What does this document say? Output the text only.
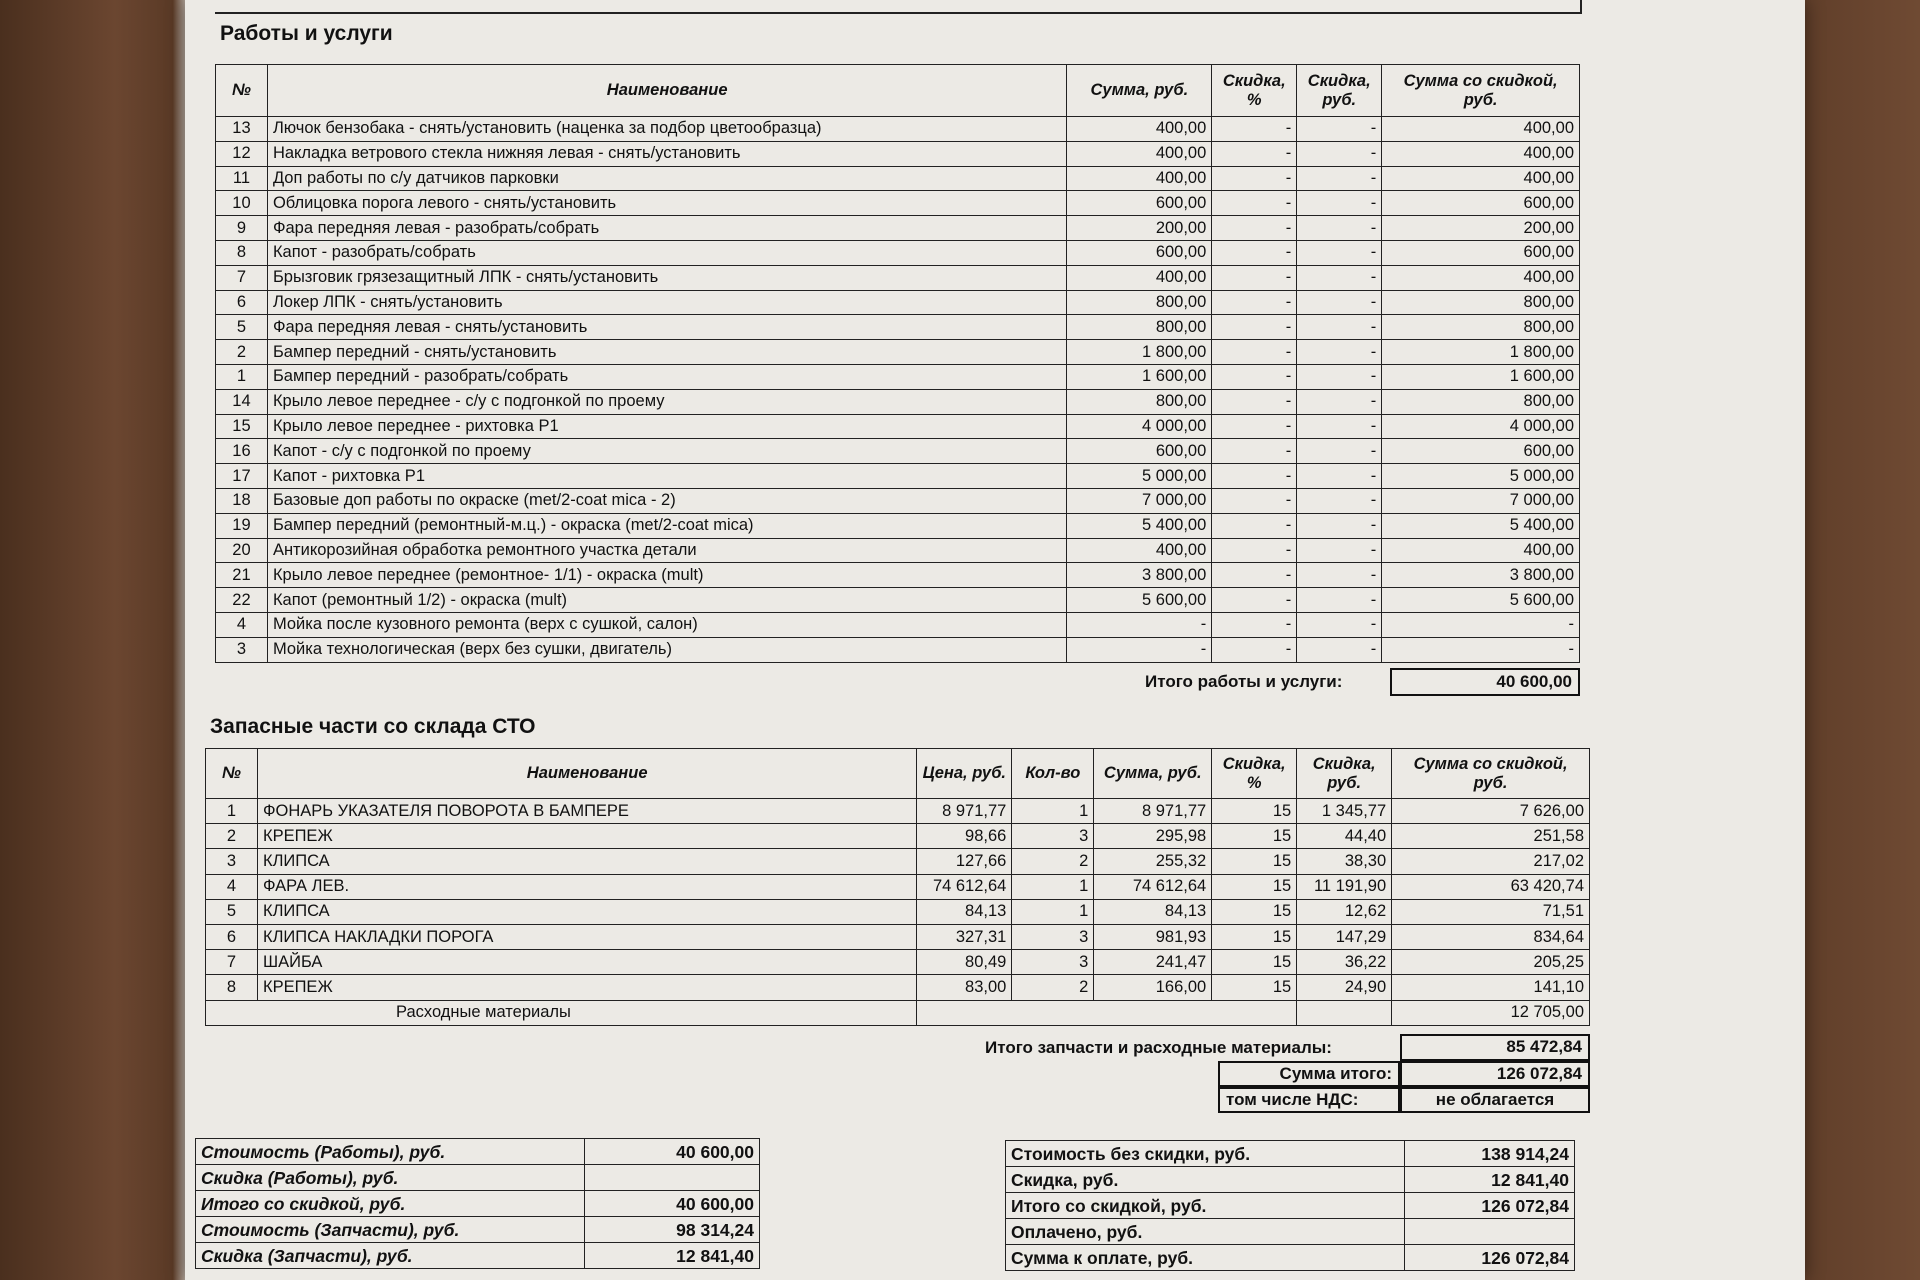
Работы и услуги
№	Наименование	Сумма, руб.	Скидка, %	Скидка, руб.	Сумма со скидкой, руб.
13	Лючок бензобака - снять/установить (наценка за подбор цветообразца)	400,00	-	-	400,00
12	Накладка ветрового стекла нижняя левая - снять/установить	400,00	-	-	400,00
11	Доп работы по с/у датчиков парковки	400,00	-	-	400,00
10	Облицовка порога левого - снять/установить	600,00	-	-	600,00
9	Фара передняя левая - разобрать/собрать	200,00	-	-	200,00
8	Капот - разобрать/собрать	600,00	-	-	600,00
7	Брызговик грязезащитный ЛПК - снять/установить	400,00	-	-	400,00
6	Локер ЛПК - снять/установить	800,00	-	-	800,00
5	Фара передняя левая - снять/установить	800,00	-	-	800,00
2	Бампер передний - снять/установить	1 800,00	-	-	1 800,00
1	Бампер передний - разобрать/собрать	1 600,00	-	-	1 600,00
14	Крыло левое переднее - с/у с подгонкой по проему	800,00	-	-	800,00
15	Крыло левое переднее - рихтовка Р1	4 000,00	-	-	4 000,00
16	Капот - с/у с подгонкой по проему	600,00	-	-	600,00
17	Капот - рихтовка Р1	5 000,00	-	-	5 000,00
18	Базовые доп работы по окраске (met/2-coat mica - 2)	7 000,00	-	-	7 000,00
19	Бампер передний (ремонтный-м.ц.) - окраска (met/2-coat mica)	5 400,00	-	-	5 400,00
20	Антикорозийная обработка ремонтного участка детали	400,00	-	-	400,00
21	Крыло левое переднее (ремонтное- 1/1) - окраска (mult)	3 800,00	-	-	3 800,00
22	Капот (ремонтный 1/2) - окраска (mult)	5 600,00	-	-	5 600,00
4	Мойка после кузовного ремонта (верх с сушкой, салон)	-	-	-	-
3	Мойка технологическая (верх без сушки, двигатель)	-	-	-	-
Итого работы и услуги:	40 600,00
Запасные части со склада СТО
№	Наименование	Цена, руб.	Кол-во	Сумма, руб.	Скидка, %	Скидка, руб.	Сумма со скидкой, руб.
1	ФОНАРЬ УКАЗАТЕЛЯ ПОВОРОТА В БАМПЕРЕ	8 971,77	1	8 971,77	15	1 345,77	7 626,00
2	КРЕПЕЖ	98,66	3	295,98	15	44,40	251,58
3	КЛИПСА	127,66	2	255,32	15	38,30	217,02
4	ФАРА ЛЕВ.	74 612,64	1	74 612,64	15	11 191,90	63 420,74
5	КЛИПСА	84,13	1	84,13	15	12,62	71,51
6	КЛИПСА НАКЛАДКИ ПОРОГА	327,31	3	981,93	15	147,29	834,64
7	ШАЙБА	80,49	3	241,47	15	36,22	205,25
8	КРЕПЕЖ	83,00	2	166,00	15	24,90	141,10
Расходные материалы							12 705,00
Итого запчасти и расходные материалы:	85 472,84
Сумма итого:	126 072,84
том числе НДС:	не облагается
Стоимость (Работы), руб.	40 600,00
Скидка (Работы), руб.	
Итого со скидкой, руб.	40 600,00
Стоимость (Запчасти), руб.	98 314,24
Скидка (Запчасти), руб.	12 841,40
Стоимость без скидки, руб.	138 914,24
Скидка, руб.	12 841,40
Итого со скидкой, руб.	126 072,84
Оплачено, руб.	
Сумма к оплате, руб.	126 072,84
